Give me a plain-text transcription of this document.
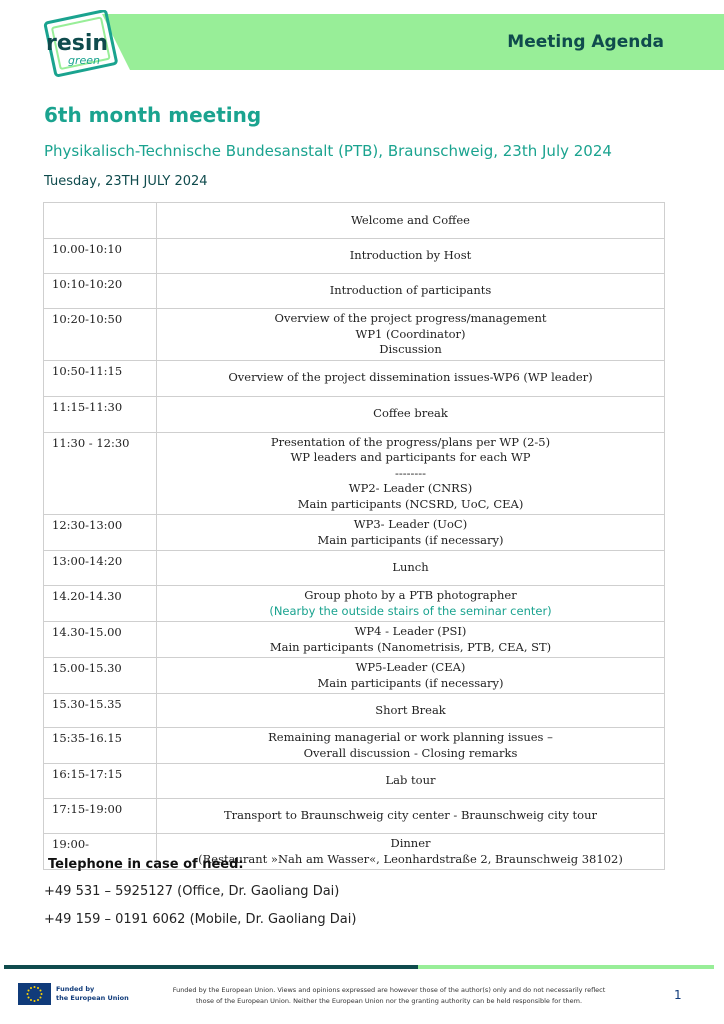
Meeting Agenda
resin
green
6th month meeting
Physikalisch-Technische Bundesanstalt (PTB), Braunschweig, 23th July 2024
Tuesday, 23TH JULY 2024

	Welcome and Coffee

10.00-10:10	Introduction by Host

10:10-10:20	Introduction of participants

10:20-10:50	Overview of the project progress/management
WP1 (Coordinator)
Discussion

10:50-11:15	Overview of the project dissemination issues-WP6 (WP leader)

11:15-11:30	Coffee break

11:30 - 12:30	Presentation of the progress/plans per WP (2-5)
WP leaders and participants for each WP
--------
WP2- Leader (CNRS)
Main participants (NCSRD, UoC, CEA)

12:30-13:00	WP3- Leader (UoC)
Main participants (if necessary)

13:00-14:20	Lunch

14.20-14.30	Group photo by a PTB photographer
(Nearby the outside stairs of the seminar center)

14.30-15.00	WP4 - Leader (PSI)
Main participants (Nanometrisis, PTB, CEA, ST)

15.00-15.30	WP5-Leader (CEA)
Main participants (if necessary)

15.30-15.35	Short Break

15:35-16.15	Remaining managerial or work planning issues –
Overall discussion - Closing remarks

16:15-17:15	Lab tour

17:15-19:00	Transport to Braunschweig city center - Braunschweig city tour

19:00-	Dinner
(Restaurant »Nah am Wasser«, Leonhardstraße 2, Braunschweig 38102)
Telephone in case of need:
+49 531 – 5925127 (Office, Dr. Gaoliang Dai)
+49 159 – 0191 6062 (Mobile, Dr. Gaoliang Dai)
Funded by
the European Union
Funded by the European Union. Views and opinions expressed are however those of the author(s) only and do not necessarily reflect
those of the European Union. Neither the European Union nor the granting authority can be held responsible for them.	1
